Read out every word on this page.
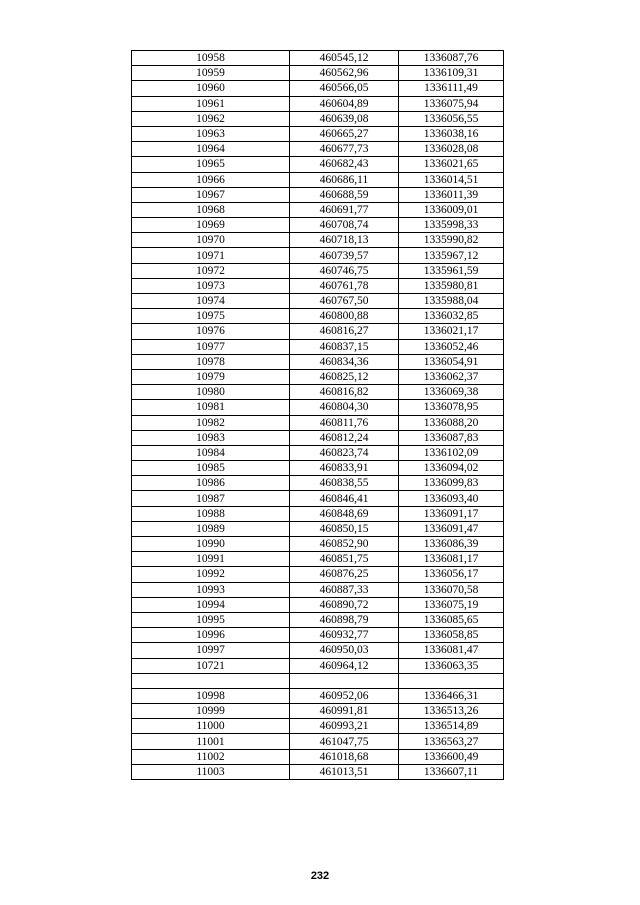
10958	460545,12	1336087,76
10959	460562,96	1336109,31
10960	460566,05	1336111,49
10961	460604,89	1336075,94
10962	460639,08	1336056,55
10963	460665,27	1336038,16
10964	460677,73	1336028,08
10965	460682,43	1336021,65
10966	460686,11	1336014,51
10967	460688,59	1336011,39
10968	460691,77	1336009,01
10969	460708,74	1335998,33
10970	460718,13	1335990,82
10971	460739,57	1335967,12
10972	460746,75	1335961,59
10973	460761,78	1335980,81
10974	460767,50	1335988,04
10975	460800,88	1336032,85
10976	460816,27	1336021,17
10977	460837,15	1336052,46
10978	460834,36	1336054,91
10979	460825,12	1336062,37
10980	460816,82	1336069,38
10981	460804,30	1336078,95
10982	460811,76	1336088,20
10983	460812,24	1336087,83
10984	460823,74	1336102,09
10985	460833,91	1336094,02
10986	460838,55	1336099,83
10987	460846,41	1336093,40
10988	460848,69	1336091,17
10989	460850,15	1336091,47
10990	460852,90	1336086,39
10991	460851,75	1336081,17
10992	460876,25	1336056,17
10993	460887,33	1336070,58
10994	460890,72	1336075,19
10995	460898,79	1336085,65
10996	460932,77	1336058,85
10997	460950,03	1336081,47
10721	460964,12	1336063,35

10998	460952,06	1336466,31
10999	460991,81	1336513,26
11000	460993,21	1336514,89
11001	461047,75	1336563,27
11002	461018,68	1336600,49
11003	461013,51	1336607,11
232
